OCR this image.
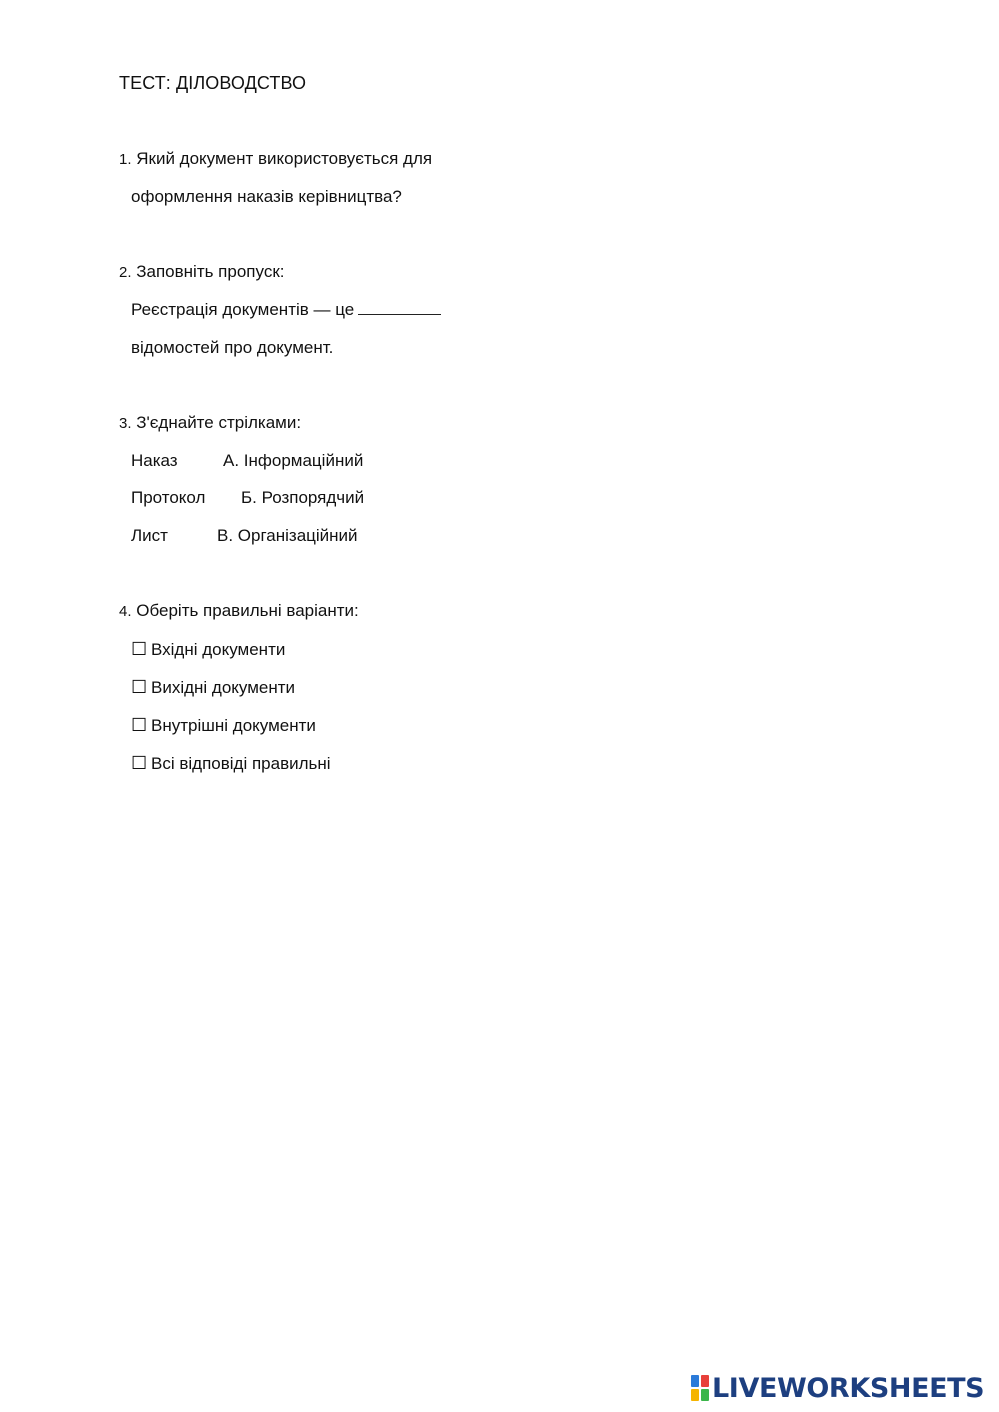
ТЕСТ: ДІЛОВОДСТВО
1. Який документ використовується для
оформлення наказів керівництва?
2. Заповніть пропуск:
Реєстрація документів — це
відомостей про документ.
3. З'єднайте стрілками:
Наказ	А. Інформаційний
Протокол Б. Розпорядчий
Лист	В. Організаційний
4. Оберіть правильні варіанти:
☐ Вхідні документи
☐ Вихідні документи
☐ Внутрішні документи
☐ Всі відповіді правильні
LIVEWORKSHEETS
